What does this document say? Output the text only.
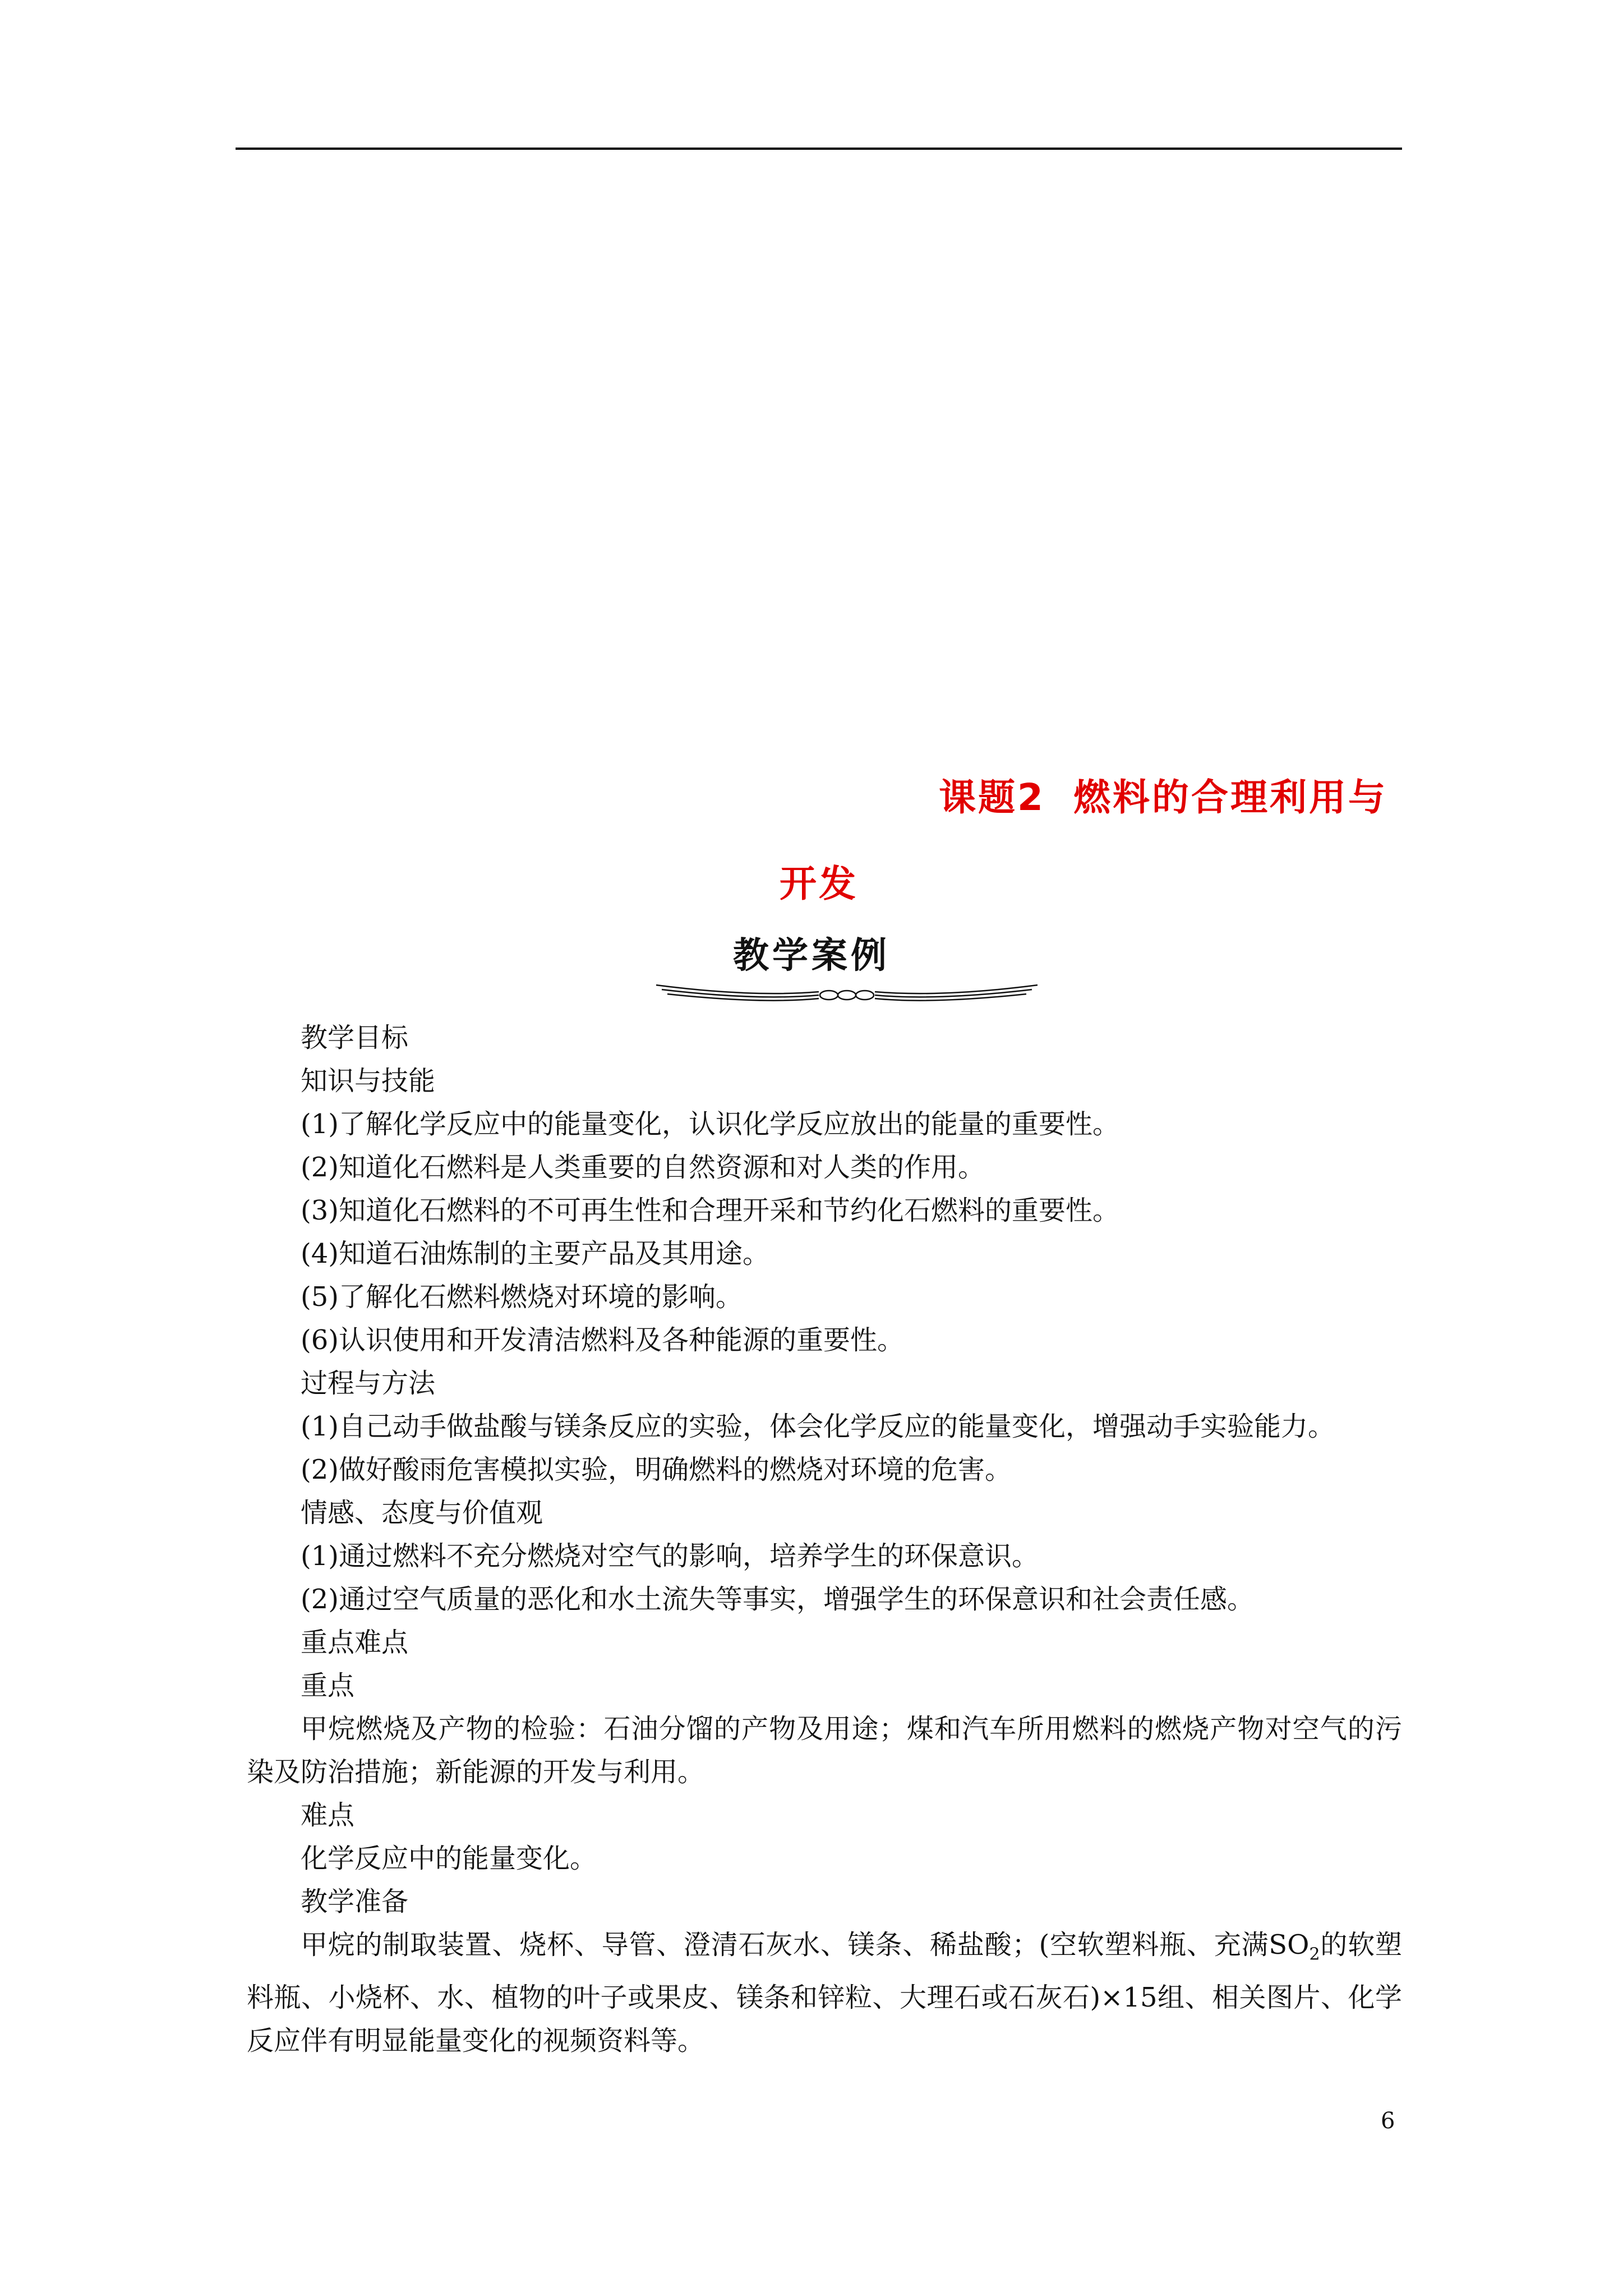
课题2 燃料的合理利用与
开发
教学案例

教学目标

知识与技能

(1)了解化学反应中的能量变化，认识化学反应放出的能量的重要性。

(2)知道化石燃料是人类重要的自然资源和对人类的作用。

(3)知道化石燃料的不可再生性和合理开采和节约化石燃料的重要性。

(4)知道石油炼制的主要产品及其用途。

(5)了解化石燃料燃烧对环境的影响。

(6)认识使用和开发清洁燃料及各种能源的重要性。

过程与方法

(1)自己动手做盐酸与镁条反应的实验，体会化学反应的能量变化，增强动手实验能力。

(2)做好酸雨危害模拟实验，明确燃料的燃烧对环境的危害。

情感、态度与价值观

(1)通过燃料不充分燃烧对空气的影响，培养学生的环保意识。

(2)通过空气质量的恶化和水土流失等事实，增强学生的环保意识和社会责任感。

重点难点

重点

甲烷燃烧及产物的检验：石油分馏的产物及用途；煤和汽车所用燃料的燃烧产物对空气的污染及防治措施；新能源的开发与利用。

难点

化学反应中的能量变化。

教学准备

甲烷的制取装置、烧杯、导管、澄清石灰水、镁条、稀盐酸；(空软塑料瓶、充满$SO_2$的软塑料瓶、小烧杯、水、植物的叶子或果皮、镁条和锌粒、大理石或石灰石)×15组、相关图片、化学反应伴有明显能量变化的视频资料等。

6
